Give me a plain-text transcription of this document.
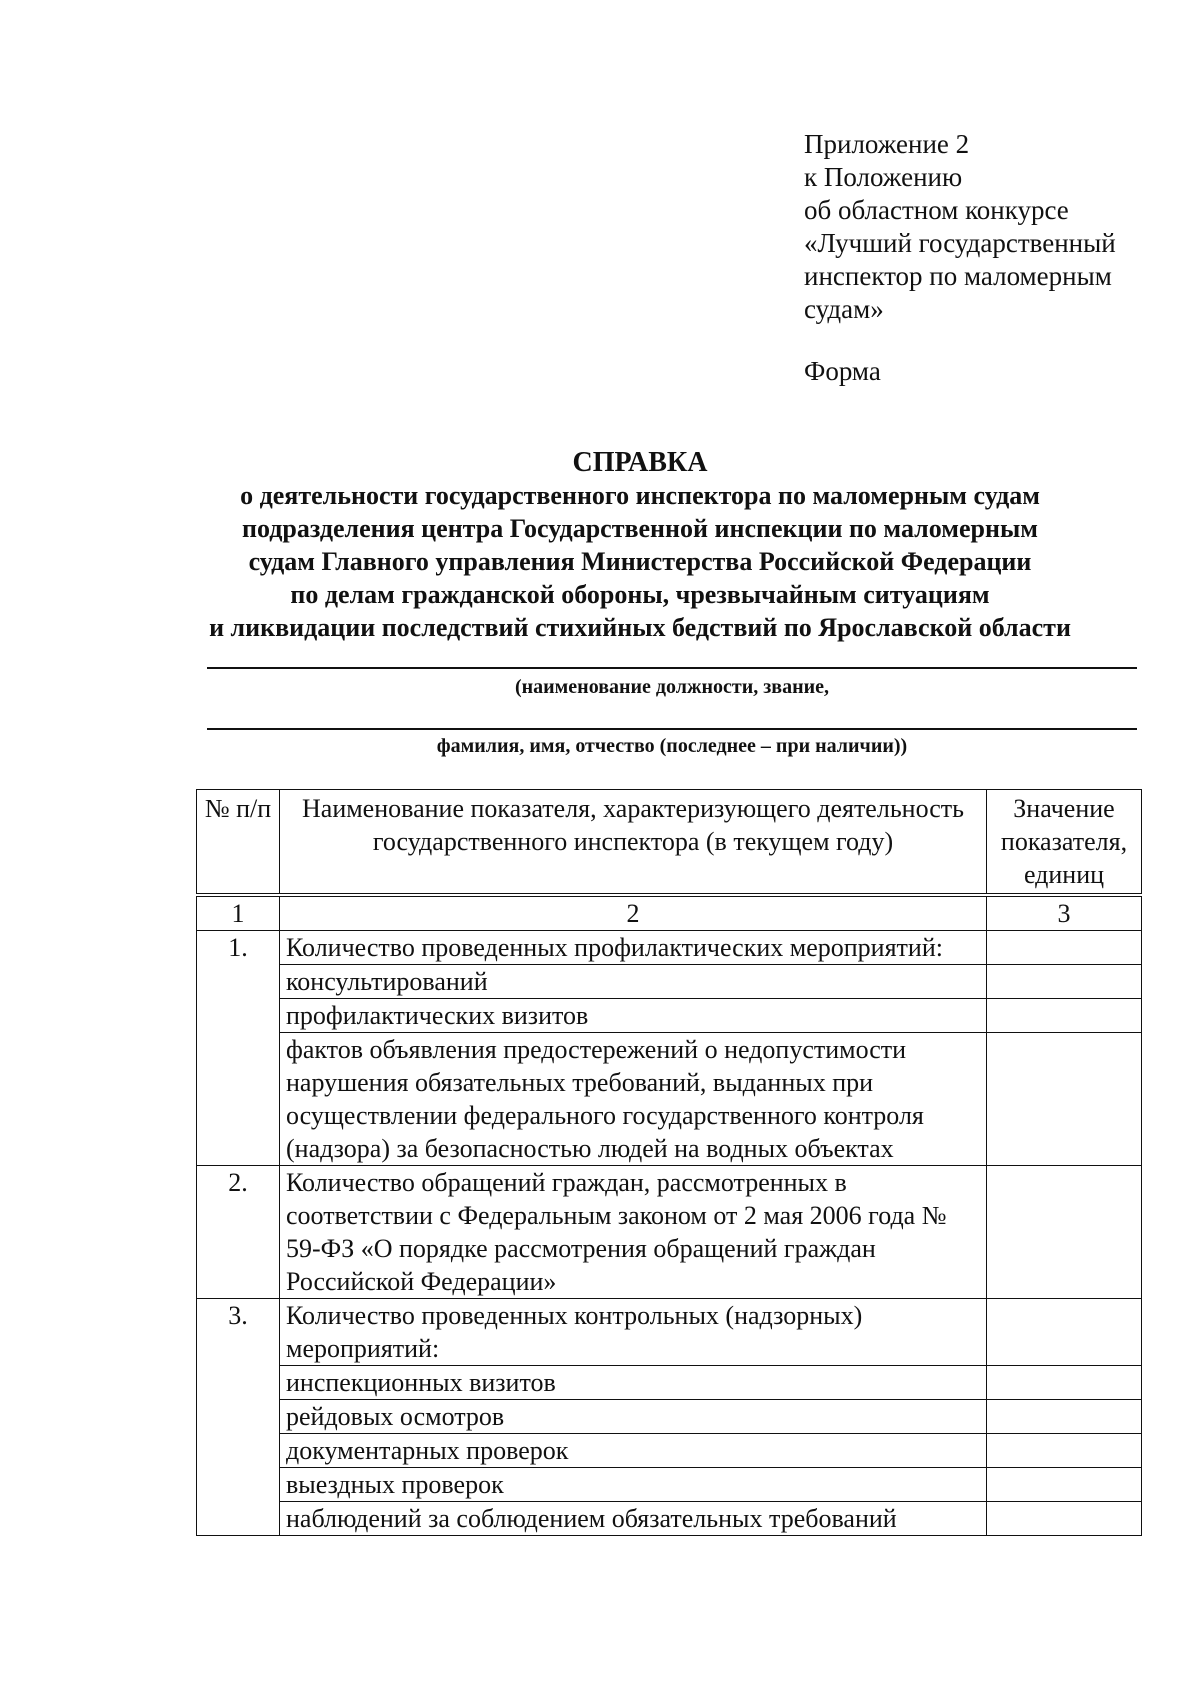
Приложение 2
к Положению
об областном конкурсе
«Лучший государственный
инспектор по маломерным
судам»
Форма
СПРАВКА
о деятельности государственного инспектора по маломерным судам
подразделения центра Государственной инспекции по маломерным
судам Главного управления Министерства Российской Федерации
по делам гражданской обороны, чрезвычайным ситуациям
и ликвидации последствий стихийных бедствий по Ярославской области
(наименование должности, звание,
фамилия, имя, отчество (последнее – при наличии))
№ п/п	Наименование показателя, характеризующего деятельность государственного инспектора (в текущем году)	Значение показателя, единиц
1	2	3
1.	Количество проведенных профилактических мероприятий:	
	консультирований	
	профилактических визитов	
	фактов объявления предостережений о недопустимости нарушения обязательных требований, выданных при осуществлении федерального государственного контроля (надзора) за безопасностью людей на водных объектах	
2.	Количество обращений граждан, рассмотренных в соответствии с Федеральным законом от 2 мая 2006 года № 59-ФЗ «О порядке рассмотрения обращений граждан Российской Федерации»	
3.	Количество проведенных контрольных (надзорных) мероприятий:	
	инспекционных визитов	
	рейдовых осмотров	
	документарных проверок	
	выездных проверок	
	наблюдений за соблюдением обязательных требований	
